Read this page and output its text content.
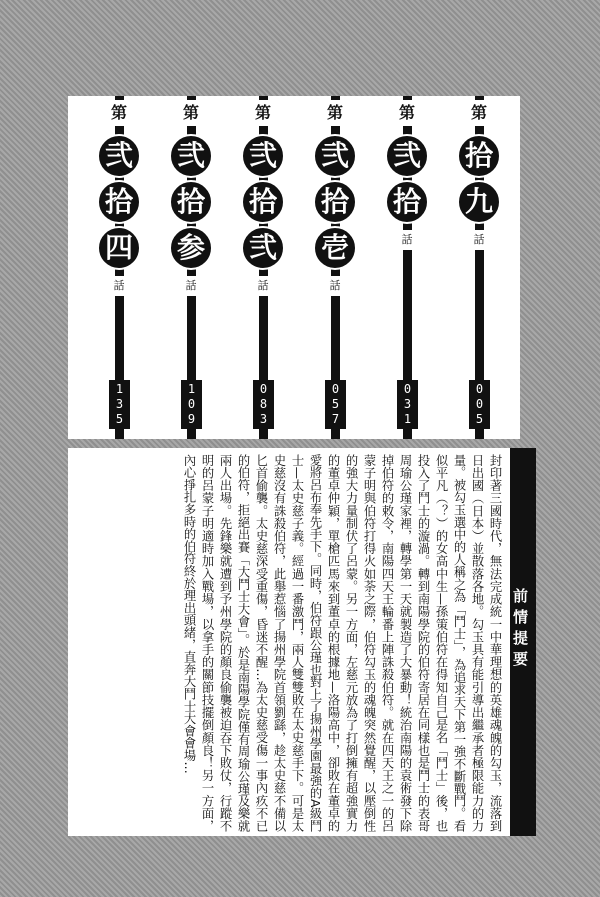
第
拾
九
話
0
0
5
第
弐
拾
話
0
3
1
第
弐
拾
壱
話
0
5
7
第
弐
拾
弐
話
0
8
3
第
弐
拾
参
話
1
0
9
第
弐
拾
四
話
1
3
5
前情提要
封印著三國時代，無法完成統一中華理想的英雄魂魄的勾玉，流落到日出國（日本）並散落各地。勾玉具有能引導出繼承者極限能力的力量。被勾玉選中的人稱之為「鬥士」，為追求天下第一強不斷戰鬥。看似平凡（？）的女高中生—孫策伯符在得知自己是名「鬥士」後，也投入了鬥士的漩渦。轉到南陽學院的伯符寄居在同樣也是鬥士的表哥周瑜公瑾家裡，轉學第一天就製造了大暴動！統治南陽的袁術發下除掉伯符的敕令，南陽四天王輪番上陣誅殺伯符。就在四天王之一的呂蒙子明與伯符打得火如荼之際，伯符勾玉的魂魄突然覺醒，以壓倒性的強大力量制伏了呂蒙。另一方面，左慈元放為了打倒擁有超強實力的董卓仲穎，單槍匹馬來到董卓的根據地—洛陽高中，卻敗在董卓的愛將呂布奉先手下。同時，伯符跟公瑾也對上了揚州學園最強的A級鬥士—太史慈子義。經過一番激鬥，兩人雙雙敗在太史慈手下。可是太史慈沒有誅殺伯符，此舉惹惱了揚州學院首領劉繇，趁太史慈不備以匕首偷襲。太史慈深受重傷，昏迷不醒…為太史慈受傷一事內疚不已的伯符，拒絕出賽「大鬥士大會」。於是南陽學院僅有周瑜公瑾及樂就兩人出場。先鋒樂就遭到予州學院的顏良偷襲被迫吞下敗仗，行蹤不明的呂蒙子明適時加入戰場，以拿手的關節技擺倒顏良！另一方面，內心掙扎多時的伯符終於理出頭緒，直奔大鬥士大會會場…
